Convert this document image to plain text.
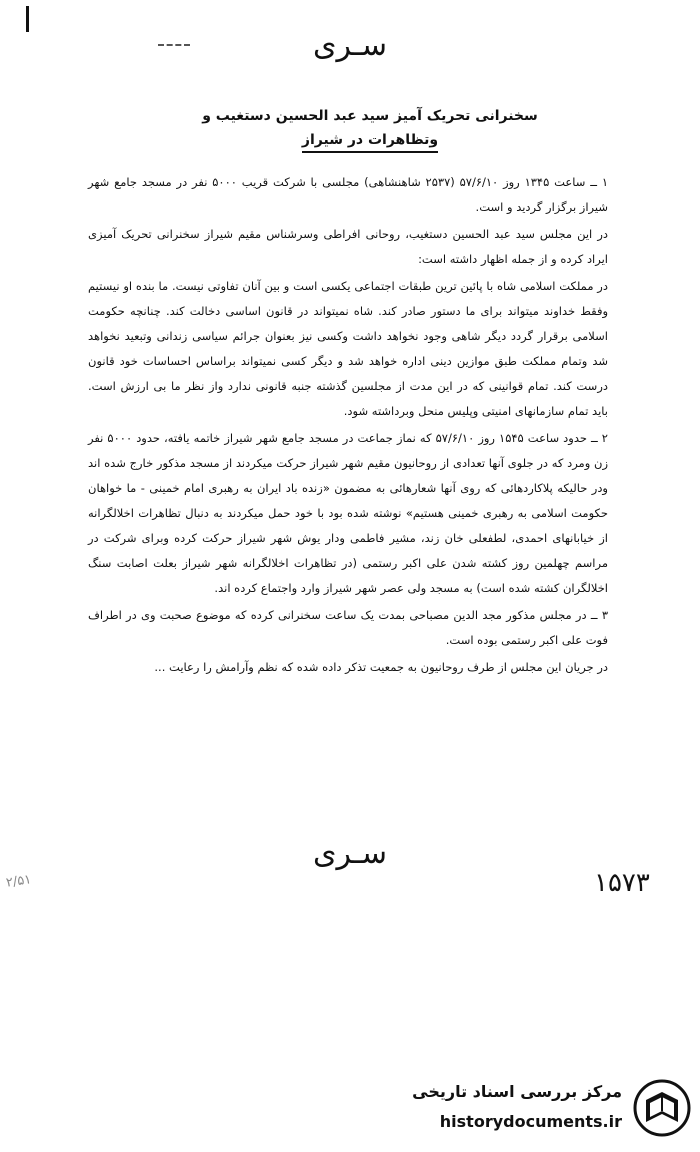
سـری
سخنرانی تحریک آمیز سید عبد الحسین دستغیب و
وتظاهرات در شیراز

۱ ــ ساعت ۱۳۴۵ روز ۵۷/۶/۱۰ (۲۵۳۷ شاهنشاهی) مجلسی با شرکت قریب ۵۰۰۰ نفر در مسجد جامع شهر شیراز برگزار گردید و است.

در این مجلس سید عبد الحسین دستغیب، روحانی افراطی وسرشناس مقیم شیراز سخنرانی تحریک آمیزی ایراد کرده و از جمله اظهار داشته است:

در مملکت اسلامی شاه با پائین ترین طبقات اجتماعی یکسی است و بین آنان تفاوتی نیست. ما بنده او نیستیم وفقط خداوند میتواند برای ما دستور صادر کند. شاه نمیتواند در قانون اساسی دخالت کند. چنانچه حکومت اسلامی برقرار گردد دیگر شاهی وجود نخواهد داشت وکسی نیز بعنوان جرائم سیاسی زندانی وتبعید نخواهد شد وتمام مملکت طبق موازین دینی اداره خواهد شد و دیگر کسی نمیتواند براساس احساسات خود قانون درست کند. تمام قوانینی که در این مدت از مجلسین گذشته جنبه قانونی ندارد واز نظر ما بی ارزش است. باید تمام سازمانهای امنیتی وپلیس منحل وبرداشته شود.

۲ ــ حدود ساعت ۱۵۴۵ روز ۵۷/۶/۱۰ که نماز جماعت در مسجد جامع شهر شیراز خاتمه یافته، حدود ۵۰۰۰ نفر زن ومرد که در جلوی آنها تعدادی از روحانیون مقیم شهر شیراز حرکت میکردند از مسجد مذکور خارج شده اند ودر حالیکه پلاکاردهائی که روی آنها شعارهائی به مضمون «زنده باد ایران به رهبری امام خمینی - ما خواهان حکومت اسلامی به رهبری خمینی هستیم» نوشته شده بود با خود حمل میکردند به دنبال تظاهرات اخلالگرانه از خیابانهای احمدی، لطفعلی خان زند، مشیر فاطمی ودار یوش شهر شیراز حرکت کرده وبرای شرکت در مراسم چهلمین روز کشته شدن علی اکبر رستمی (در تظاهرات اخلالگرانه شهر شیراز بعلت اصابت سنگ اخلالگران کشته شده است) به مسجد ولی عصر شهر شیراز وارد واجتماع کرده اند.

۳ ــ در مجلس مذکور مجد الدین مصباحی بمدت یک ساعت سخنرانی کرده که موضوع صحبت وی در اطراف فوت علی اکبر رستمی بوده است.

در جریان این مجلس از طرف روحانیون به جمعیت تذکر داده شده که نظم وآرامش را رعایت ...

سـری
۱۵۷۳
۲/۵۱
مرکز بررسی اسناد تاریخی
historydocuments.ir
